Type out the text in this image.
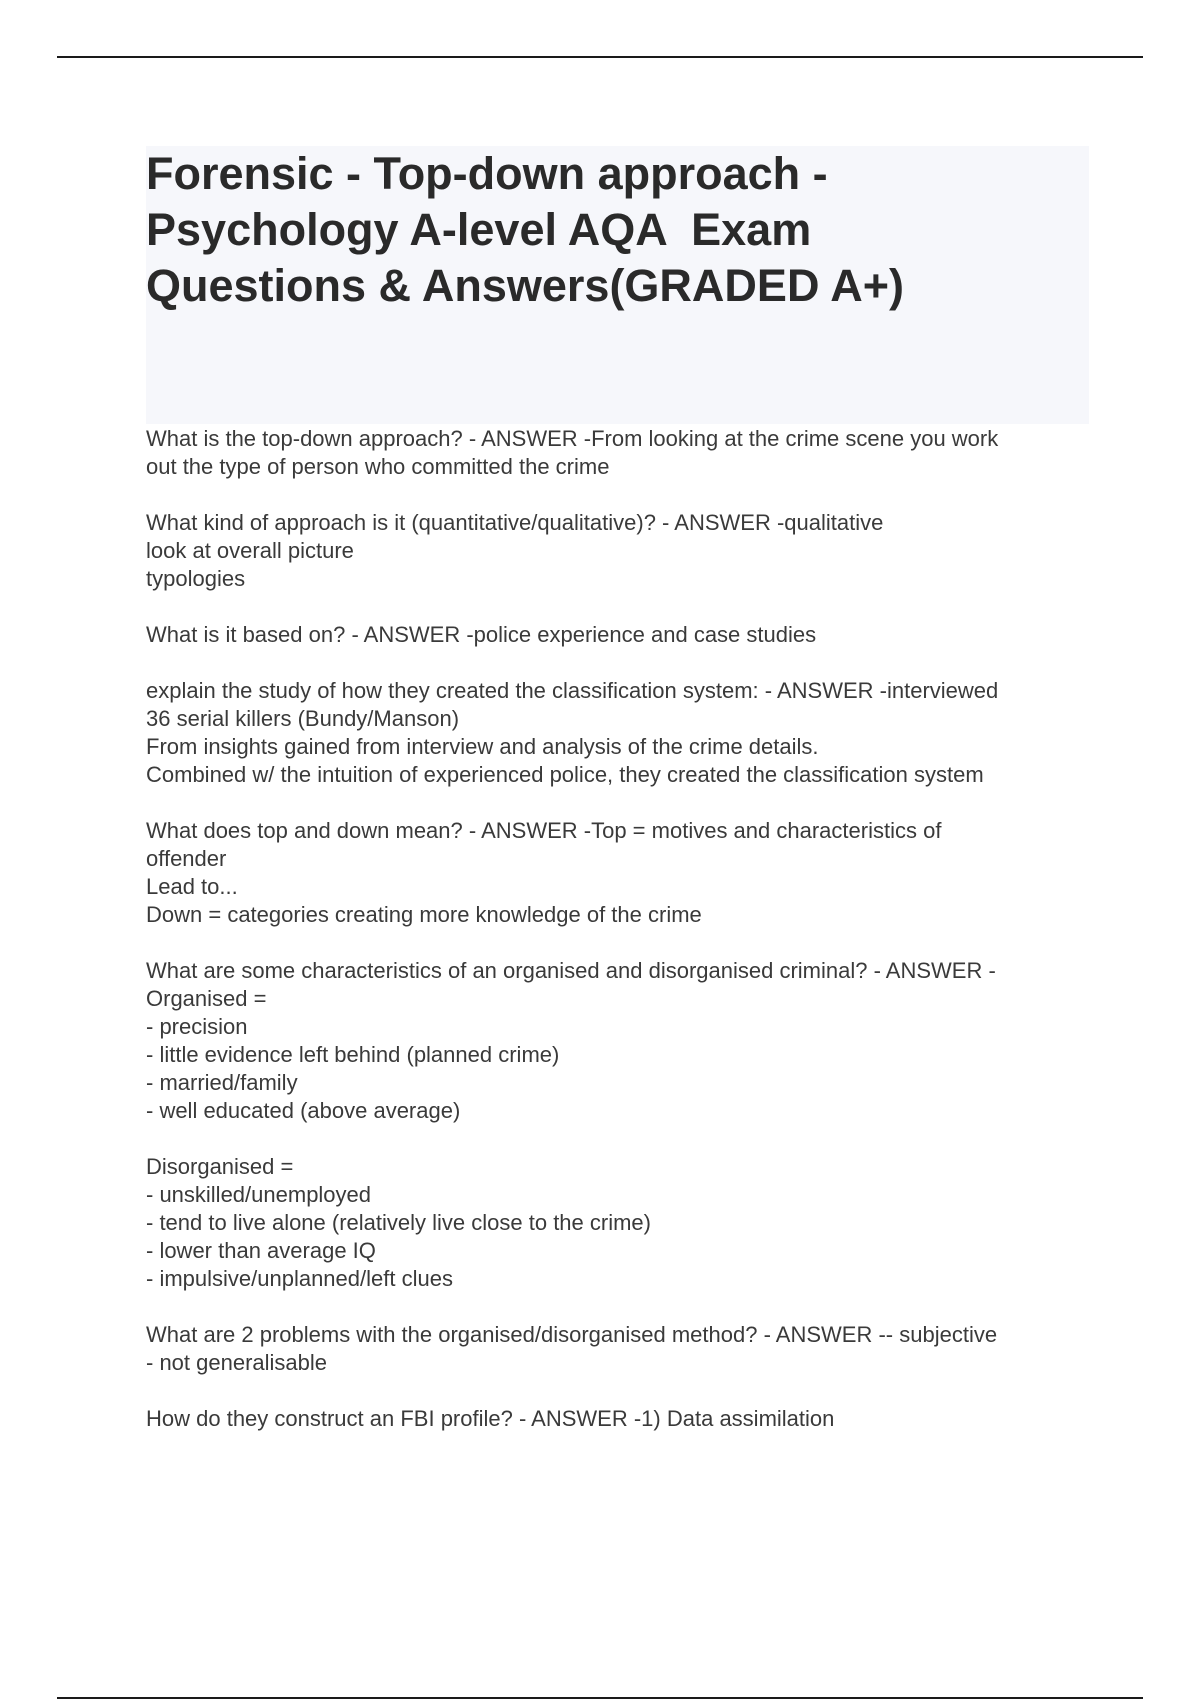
Forensic - Top-down approach -
Psychology A-level AQA  Exam
Questions & Answers(GRADED A+)

What is the top-down approach? - ANSWER -From looking at the crime scene you work
out the type of person who committed the crime

What kind of approach is it (quantitative/qualitative)? - ANSWER -qualitative
look at overall picture
typologies

What is it based on? - ANSWER -police experience and case studies

explain the study of how they created the classification system: - ANSWER -interviewed
36 serial killers (Bundy/Manson)
From insights gained from interview and analysis of the crime details.
Combined w/ the intuition of experienced police, they created the classification system

What does top and down mean? - ANSWER -Top = motives and characteristics of
offender
Lead to...
Down = categories creating more knowledge of the crime

What are some characteristics of an organised and disorganised criminal? - ANSWER -
Organised =
- precision
- little evidence left behind (planned crime)
- married/family
- well educated (above average)

Disorganised =
- unskilled/unemployed
- tend to live alone (relatively live close to the crime)
- lower than average IQ
- impulsive/unplanned/left clues

What are 2 problems with the organised/disorganised method? - ANSWER -- subjective
- not generalisable

How do they construct an FBI profile? - ANSWER -1) Data assimilation
